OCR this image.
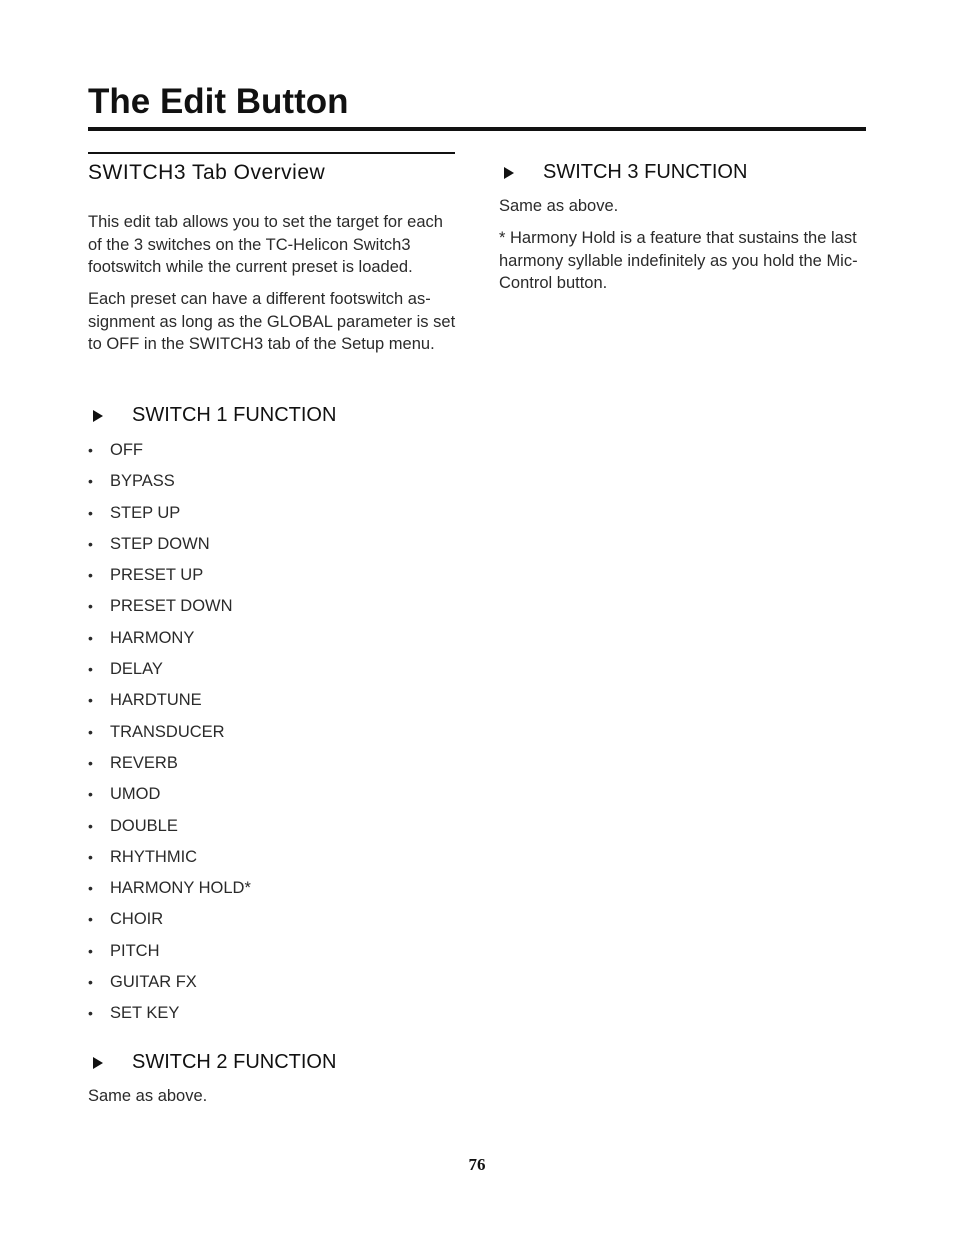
The Edit Button
SWITCH3 Tab Overview

This edit tab allows you to set the target for each of the 3 switches on the TC-Helicon Switch3 footswitch while the current preset is loaded.

Each preset can have a different footswitch as-signment as long as the GLOBAL parameter is set to OFF in the SWITCH3 tab of the Setup menu.

SWITCH 1 FUNCTION
•	OFF
•	BYPASS
•	STEP UP
•	STEP DOWN
•	PRESET UP
•	PRESET DOWN
•	HARMONY
•	DELAY
•	HARDTUNE
•	TRANSDUCER
•	REVERB
•	UMOD
•	DOUBLE
•	RHYTHMIC
•	HARMONY HOLD*
•	CHOIR
•	PITCH
•	GUITAR FX
•	SET KEY
SWITCH 2 FUNCTION

Same as above.

SWITCH 3 FUNCTION

Same as above.

* Harmony Hold is a feature that sustains the last harmony syllable indefinitely as you hold the Mic-Control button.

76
